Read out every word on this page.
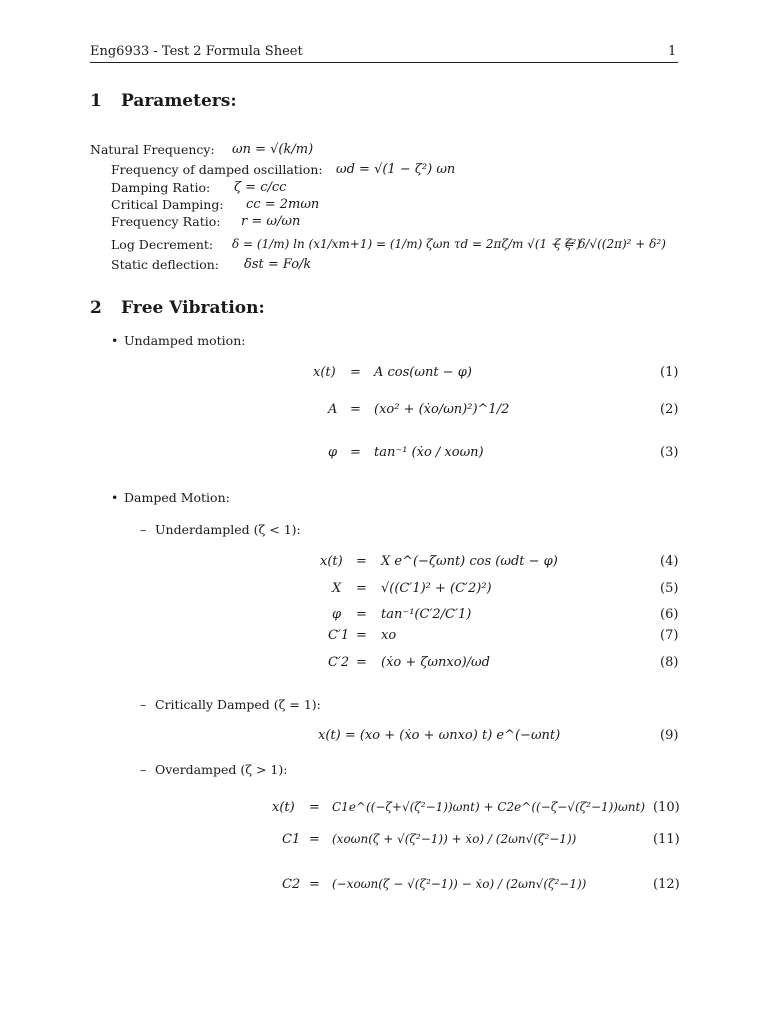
Eng6933 - Test 2 Formula Sheet	1
1 Parameters:
Natural Frequency: ωn = √(k/m)
Frequency of damped oscillation: ωd = √(1 − ζ²) ωn
Damping Ratio: ζ = c/cc
Critical Damping: cc = 2mωn
Frequency Ratio: r = ω/ωn
Log Decrement: δ = (1/m) ln (x1/xm+1) = (1/m) ζωn τd = 2πζ/m √(1 − ζ²)
ζ = δ/√((2π)² + δ²)
Static deflection: δst = Fo/k
2 Free Vibration:
• Undamped motion:
x(t) = A cos(ωnt − φ)	(1)
A = (xo² + (ẋo/ωn)²)^1/2	(2)
φ = tan⁻¹ (ẋo / xoωn)	(3)
• Damped Motion:
– Underdampled (ζ < 1):
x(t) = X e^(−ζωnt) cos (ωdt − φ)	(4)
X = √((C′1)² + (C′2)²)	(5)
φ = tan⁻¹(C′2/C′1)	(6)
C′1 = xo	(7)
C′2 = (ẋo + ζωnxo)/ωd	(8)
– Critically Damped (ζ = 1):
x(t) = (xo + (ẋo + ωnxo) t) e^(−ωnt)	(9)
– Overdamped (ζ > 1):
x(t) = C1e^((−ζ+√(ζ²−1))ωnt) + C2e^((−ζ−√(ζ²−1))ωnt) (10)
C1 = (xoωn(ζ + √(ζ²−1)) + ẋo) / (2ωn√(ζ²−1))	(11)
C2 = (−xoωn(ζ − √(ζ²−1)) − ẋo) / (2ωn√(ζ²−1))	(12)
